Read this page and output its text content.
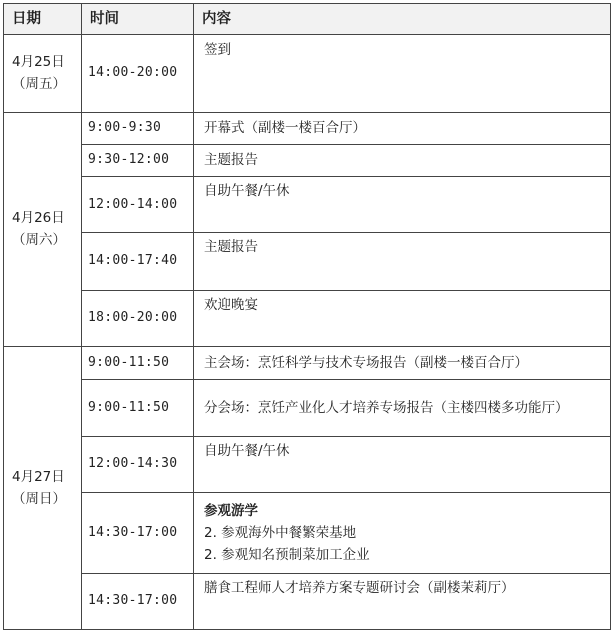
日期	时间	内容
4月25日（周五）	14:00-20:00	签到
4月26日（周六）	9:00-9:30	开幕式（副楼一楼百合厅）

	9:30-12:00	主题报告

	12:00-14:00	自助午餐/午休

	14:00-17:40	主题报告

	18:00-20:00	欢迎晚宴
4月27日（周日）	9:00-11:50	主会场：烹饪科学与技术专场报告（副楼一楼百合厅）

	9:00-11:50	分会场：烹饪产业化人才培养专场报告（主楼四楼多功能厅）

	12:00-14:30	自助午餐/午休

	14:30-17:00	参观游学
2. 参观海外中餐繁荣基地
2. 参观知名预制菜加工企业

	14:30-17:00	膳食工程师人才培养方案专题研讨会（副楼茉莉厅）
